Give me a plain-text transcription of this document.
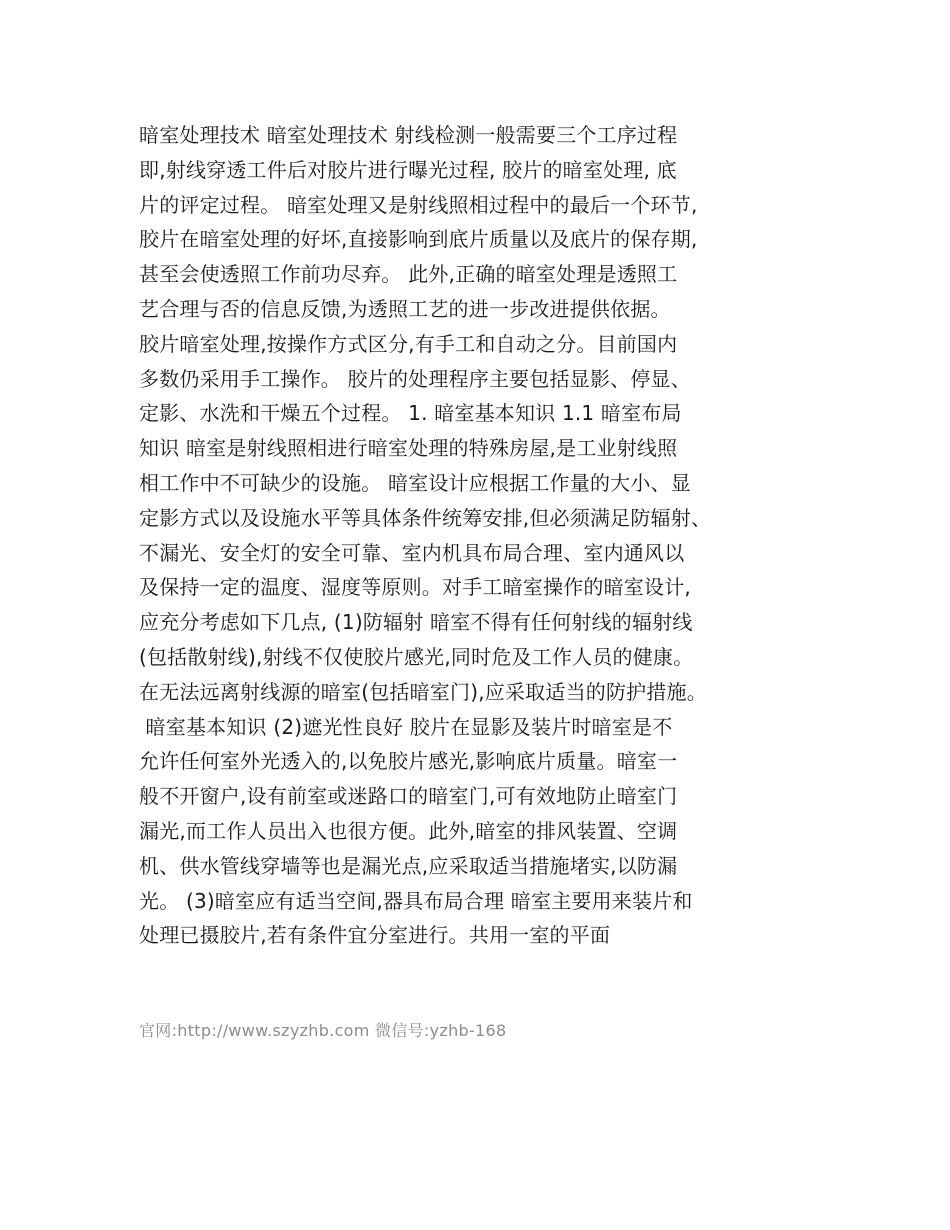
暗室处理技术 暗室处理技术 射线检测一般需要三个工序过程
即,射线穿透工件后对胶片进行曝光过程, 胶片的暗室处理, 底
片的评定过程。 暗室处理又是射线照相过程中的最后一个环节,
胶片在暗室处理的好坏,直接影响到底片质量以及底片的保存期,
甚至会使透照工作前功尽弃。 此外,正确的暗室处理是透照工
艺合理与否的信息反馈,为透照工艺的进一步改进提供依据。
胶片暗室处理,按操作方式区分,有手工和自动之分。目前国内
多数仍采用手工操作。 胶片的处理程序主要包括显影、停显、
定影、水洗和干燥五个过程。 1. 暗室基本知识 1.1 暗室布局
知识 暗室是射线照相进行暗室处理的特殊房屋,是工业射线照
相工作中不可缺少的设施。 暗室设计应根据工作量的大小、显
定影方式以及设施水平等具体条件统筹安排,但必须满足防辐射、
不漏光、安全灯的安全可靠、室内机具布局合理、室内通风以
及保持一定的温度、湿度等原则。对手工暗室操作的暗室设计,
应充分考虑如下几点, (1)防辐射 暗室不得有任何射线的辐射线
(包括散射线),射线不仅使胶片感光,同时危及工作人员的健康。
在无法远离射线源的暗室(包括暗室门),应采取适当的防护措施。
暗室基本知识 (2)遮光性良好 胶片在显影及装片时暗室是不
允许任何室外光透入的,以免胶片感光,影响底片质量。暗室一
般不开窗户,设有前室或迷路口的暗室门,可有效地防止暗室门
漏光,而工作人员出入也很方便。此外,暗室的排风装置、空调
机、供水管线穿墙等也是漏光点,应采取适当措施堵实,以防漏
光。 (3)暗室应有适当空间,器具布局合理 暗室主要用来装片和
处理已摄胶片,若有条件宜分室进行。共用一室的平面
官网:http://www.szyzhb.com 微信号:yzhb-168
